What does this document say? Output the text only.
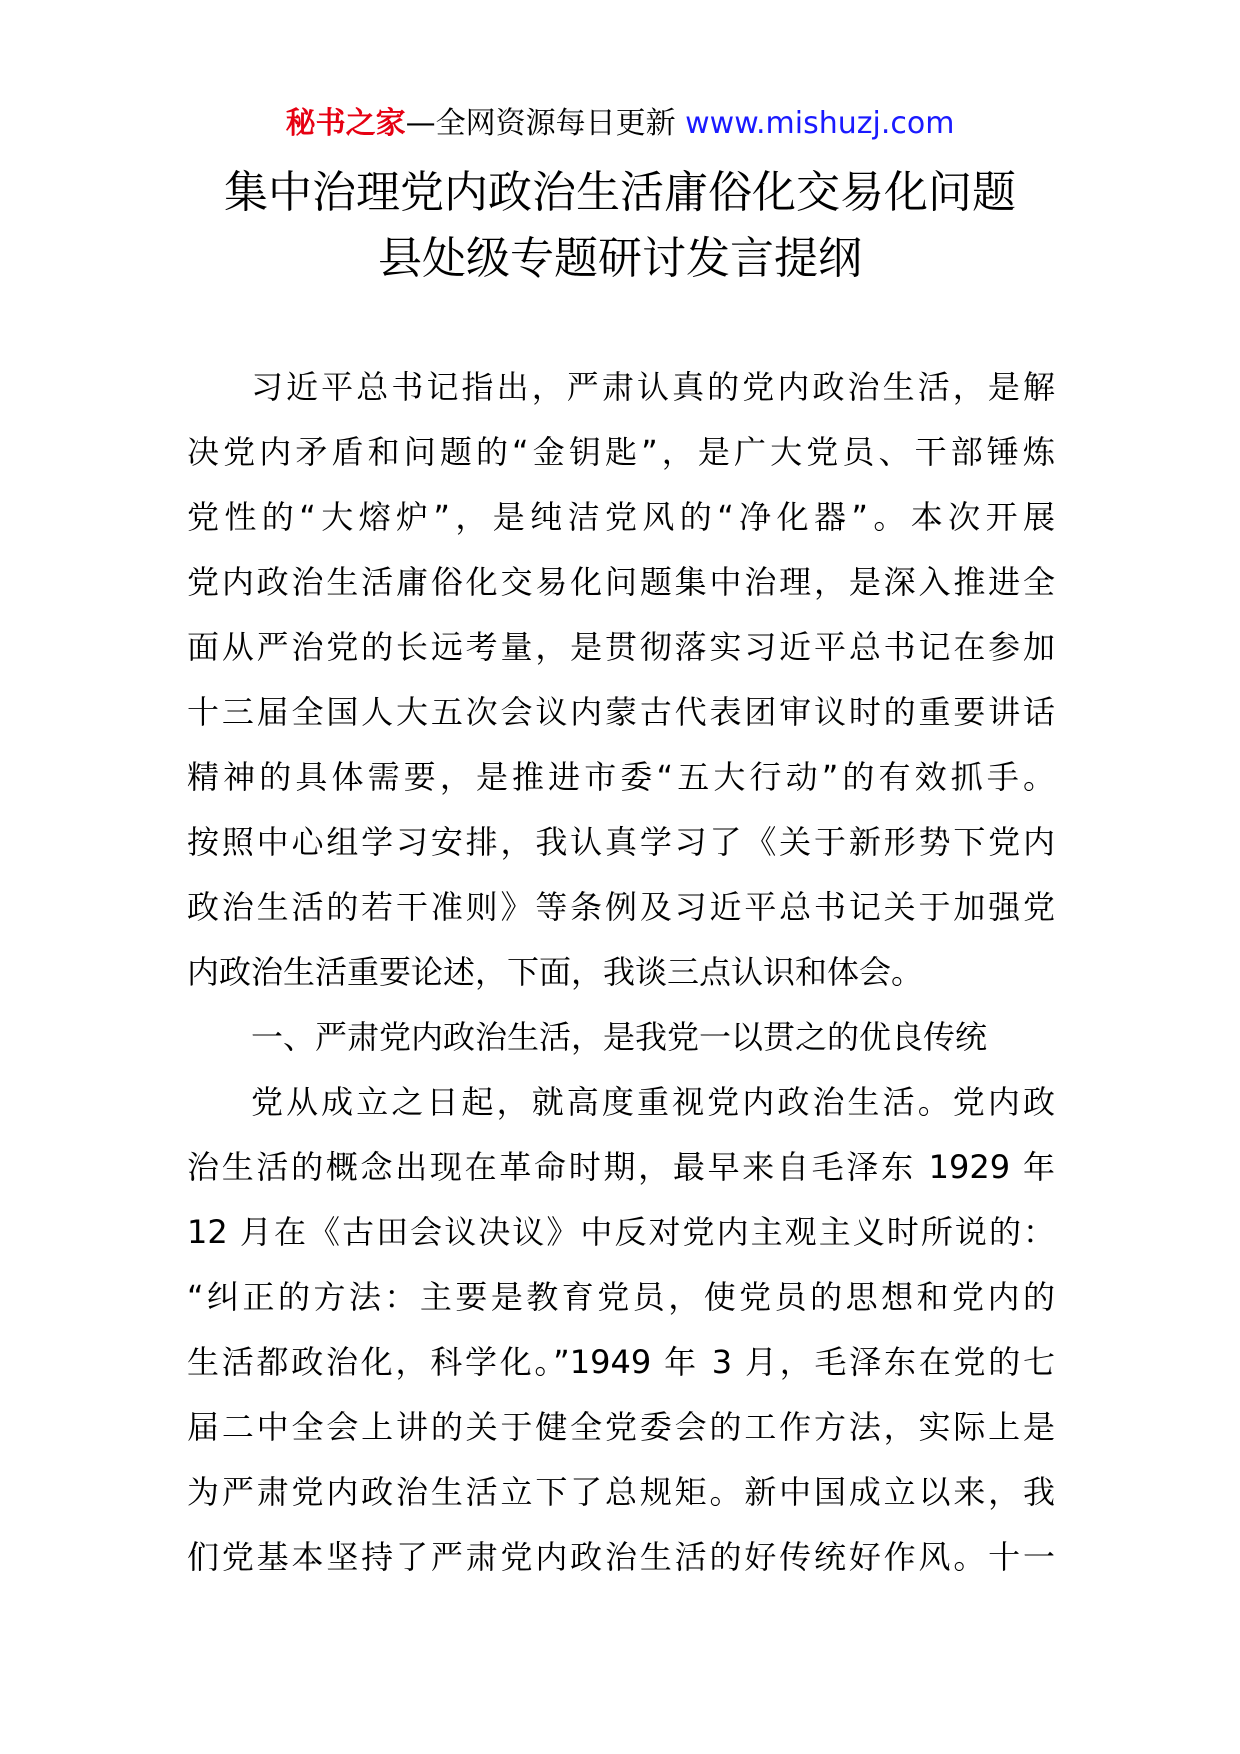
秘书之家—全网资源每日更新 www.mishuzj.com
集中治理党内政治生活庸俗化交易化问题
县处级专题研讨发言提纲
习近平总书记指出，严肃认真的党内政治生活，是解
决党内矛盾和问题的“金钥匙”，是广大党员、干部锤炼
党性的“大熔炉”，是纯洁党风的“净化器”。本次开展
党内政治生活庸俗化交易化问题集中治理，是深入推进全
面从严治党的长远考量，是贯彻落实习近平总书记在参加
十三届全国人大五次会议内蒙古代表团审议时的重要讲话
精神的具体需要，是推进市委“五大行动”的有效抓手。
按照中心组学习安排，我认真学习了《关于新形势下党内
政治生活的若干准则》等条例及习近平总书记关于加强党
内政治生活重要论述，下面，我谈三点认识和体会。
一、严肃党内政治生活，是我党一以贯之的优良传统
党从成立之日起，就高度重视党内政治生活。党内政
治生活的概念出现在革命时期，最早来自毛泽东 1929 年
12 月在《古田会议决议》中反对党内主观主义时所说的：
“纠正的方法：主要是教育党员，使党员的思想和党内的
生活都政治化，科学化。”1949 年 3 月，毛泽东在党的七
届二中全会上讲的关于健全党委会的工作方法，实际上是
为严肃党内政治生活立下了总规矩。新中国成立以来，我
们党基本坚持了严肃党内政治生活的好传统好作风。十一
